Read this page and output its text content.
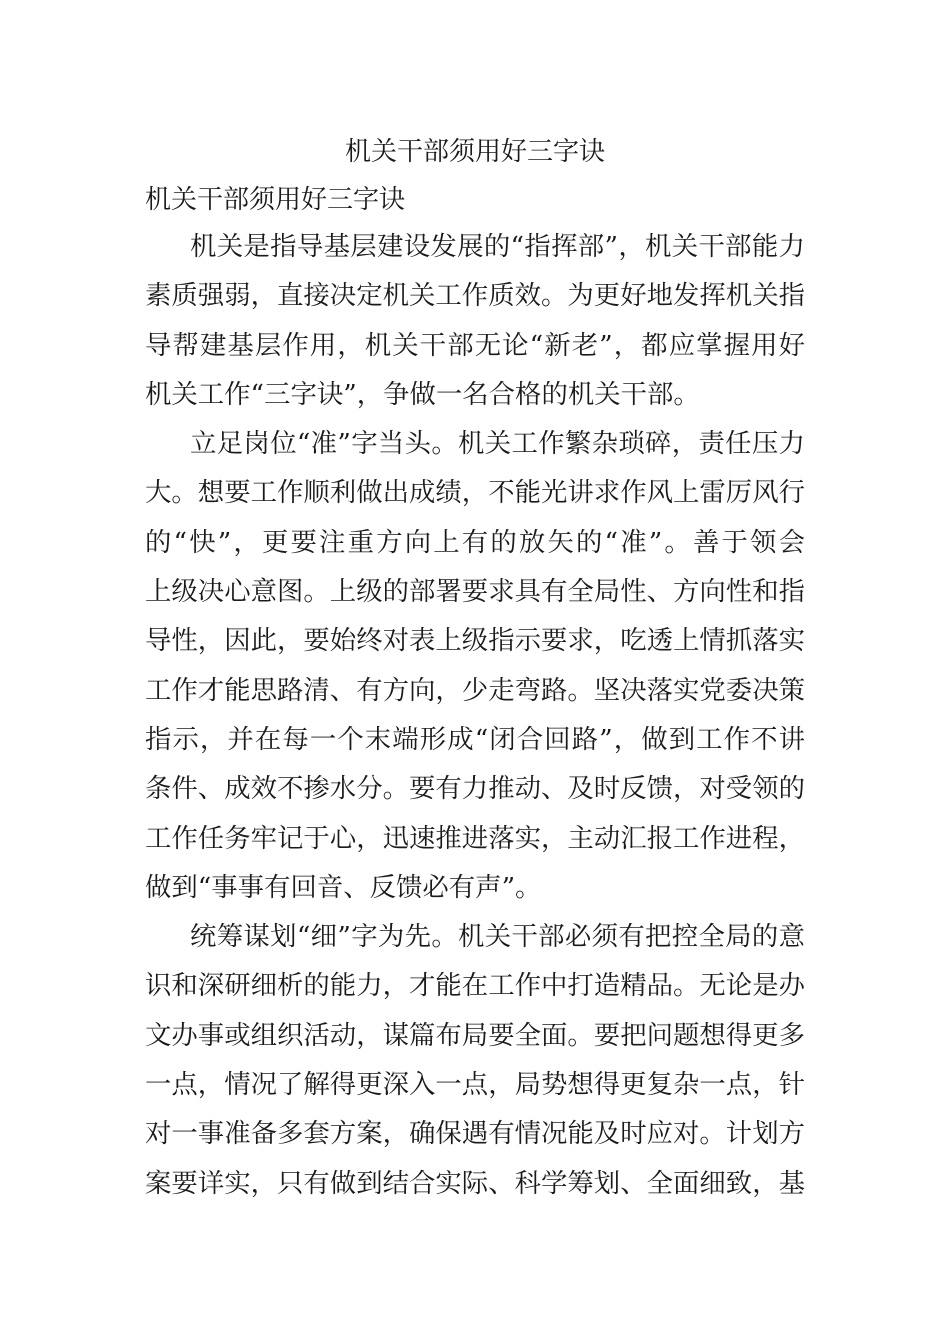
机关干部须用好三字诀
机关干部须用好三字诀
机关是指导基层建设发展的“指挥部”，机关干部能力
素质强弱，直接决定机关工作质效。为更好地发挥机关指
导帮建基层作用，机关干部无论“新老”，都应掌握用好
机关工作“三字诀”，争做一名合格的机关干部。
立足岗位“准”字当头。机关工作繁杂琐碎，责任压力
大。想要工作顺利做出成绩，不能光讲求作风上雷厉风行
的“快”，更要注重方向上有的放矢的“准”。善于领会
上级决心意图。上级的部署要求具有全局性、方向性和指
导性，因此，要始终对表上级指示要求，吃透上情抓落实
工作才能思路清、有方向，少走弯路。坚决落实党委决策
指示，并在每一个末端形成“闭合回路”，做到工作不讲
条件、成效不掺水分。要有力推动、及时反馈，对受领的
工作任务牢记于心，迅速推进落实，主动汇报工作进程，
做到“事事有回音、反馈必有声”。
统筹谋划“细”字为先。机关干部必须有把控全局的意
识和深研细析的能力，才能在工作中打造精品。无论是办
文办事或组织活动，谋篇布局要全面。要把问题想得更多
一点，情况了解得更深入一点，局势想得更复杂一点，针
对一事准备多套方案，确保遇有情况能及时应对。计划方
案要详实，只有做到结合实际、科学筹划、全面细致，基
